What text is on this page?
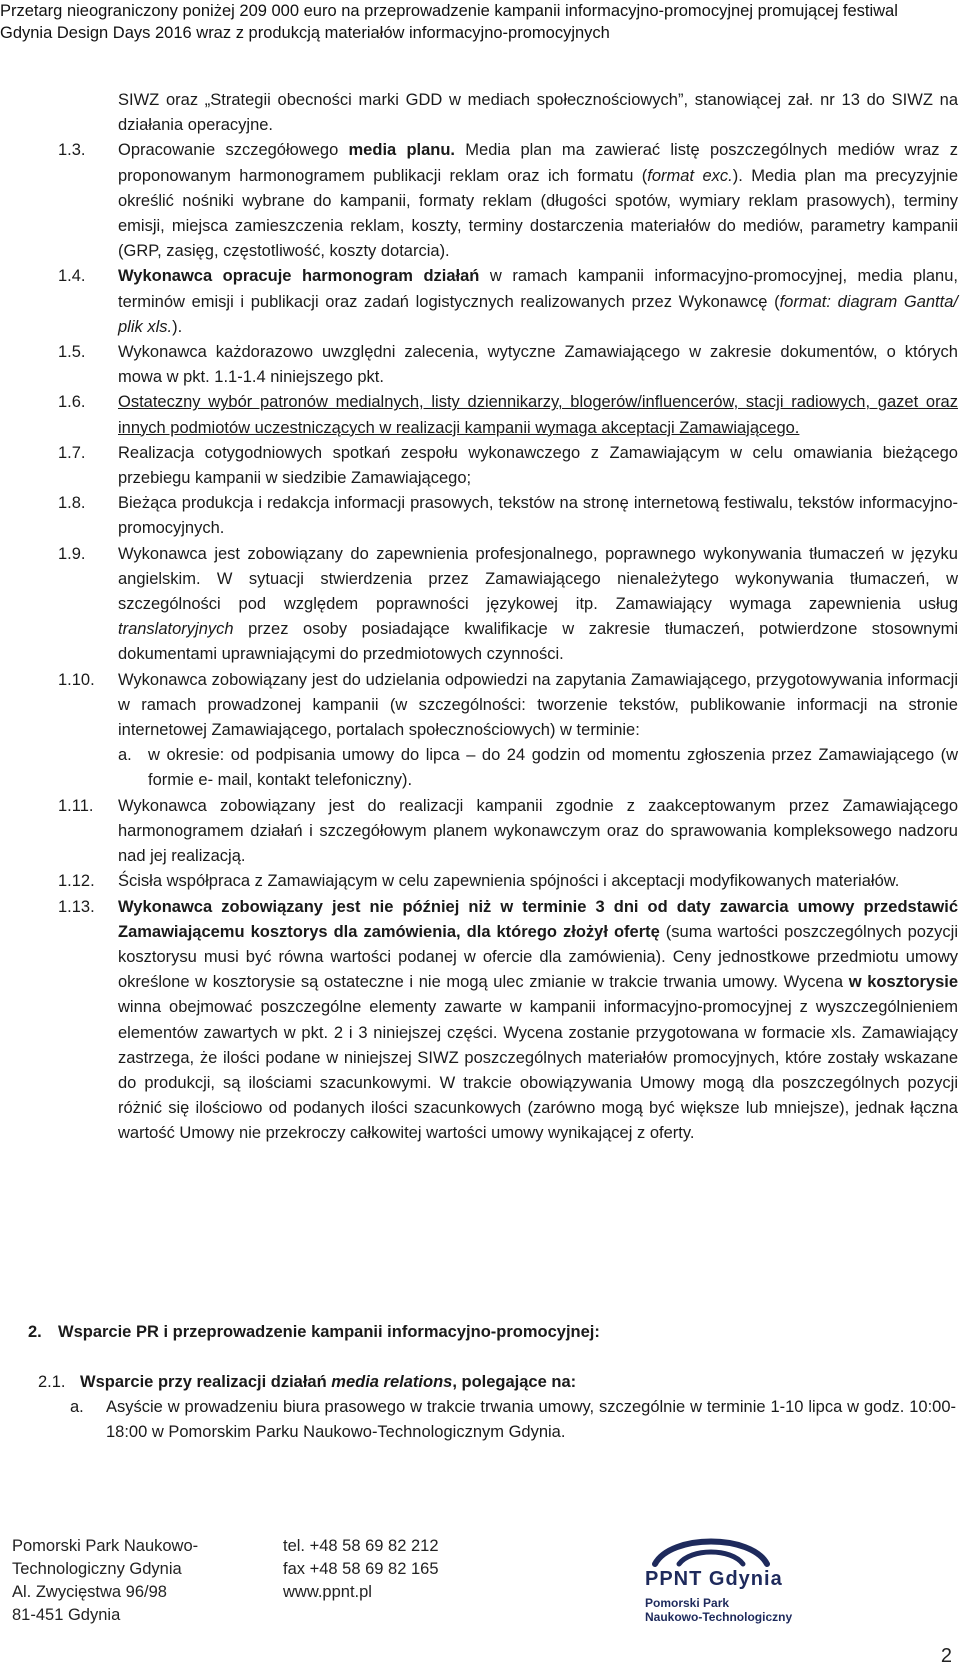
Przetarg nieograniczony poniżej 209 000 euro na przeprowadzenie kampanii informacyjno-promocyjnej promującej festiwal
Gdynia Design Days 2016 wraz z produkcją materiałów informacyjno-promocyjnych
SIWZ oraz „Strategii obecności marki GDD w mediach społecznościowych”, stanowiącej zał. nr 13 do SIWZ na działania operacyjne.
1.3.	Opracowanie szczegółowego media planu. Media plan ma zawierać listę poszczególnych mediów wraz z proponowanym harmonogramem publikacji reklam oraz ich formatu (format exc.). Media plan ma precyzyjnie określić nośniki wybrane do kampanii, formaty reklam (długości spotów, wymiary reklam prasowych), terminy emisji, miejsca zamieszczenia reklam, koszty, terminy dostarczenia materiałów do mediów, parametry kampanii (GRP, zasięg, częstotliwość, koszty dotarcia).
1.4.	Wykonawca opracuje harmonogram działań w ramach kampanii informacyjno-promocyjnej, media planu, terminów emisji i publikacji oraz zadań logistycznych realizowanych przez Wykonawcę (format: diagram Gantta/ plik xls.).
1.5.	Wykonawca każdorazowo uwzględni zalecenia, wytyczne Zamawiającego w zakresie dokumentów, o których mowa w pkt. 1.1-1.4 niniejszego pkt.
1.6.	Ostateczny wybór patronów medialnych, listy dziennikarzy, blogerów/influencerów, stacji radiowych, gazet oraz innych podmiotów uczestniczących w realizacji kampanii wymaga akceptacji Zamawiającego.
1.7.	Realizacja cotygodniowych spotkań zespołu wykonawczego z Zamawiającym w celu omawiania bieżącego przebiegu kampanii w siedzibie Zamawiającego;
1.8.	Bieżąca produkcja i redakcja informacji prasowych, tekstów na stronę internetową festiwalu, tekstów informacyjno-promocyjnych.
1.9.	Wykonawca jest zobowiązany do zapewnienia profesjonalnego, poprawnego wykonywania tłumaczeń w języku angielskim. W sytuacji stwierdzenia przez Zamawiającego nienależytego wykonywania tłumaczeń, w szczególności pod względem poprawności językowej itp. Zamawiający wymaga zapewnienia usług translatoryjnych przez osoby posiadające kwalifikacje w zakresie tłumaczeń, potwierdzone stosownymi dokumentami uprawniającymi do przedmiotowych czynności.
1.10.	Wykonawca zobowiązany jest do udzielania odpowiedzi na zapytania Zamawiającego, przygotowywania informacji w ramach prowadzonej kampanii (w szczególności: tworzenie tekstów, publikowanie informacji na stronie internetowej Zamawiającego, portalach społecznościowych) w terminie:
a. w okresie: od podpisania umowy do lipca – do 24 godzin od momentu zgłoszenia przez Zamawiającego (w formie e- mail, kontakt telefoniczny).
1.11.	Wykonawca zobowiązany jest do realizacji kampanii zgodnie z zaakceptowanym przez Zamawiającego harmonogramem działań i szczegółowym planem wykonawczym oraz do sprawowania kompleksowego nadzoru nad jej realizacją.
1.12.	Ścisła współpraca z Zamawiającym w celu zapewnienia spójności i akceptacji modyfikowanych materiałów.
1.13.	Wykonawca zobowiązany jest nie później niż w terminie 3 dni od daty zawarcia umowy przedstawić Zamawiającemu kosztorys dla zamówienia, dla którego złożył ofertę (suma wartości poszczególnych pozycji kosztorysu musi być równa wartości podanej w ofercie dla zamówienia). Ceny jednostkowe przedmiotu umowy określone w kosztorysie są ostateczne i nie mogą ulec zmianie w trakcie trwania umowy. Wycena w kosztorysie winna obejmować poszczególne elementy zawarte w kampanii informacyjno-promocyjnej z wyszczególnieniem elementów zawartych w pkt. 2 i 3 niniejszej części. Wycena zostanie przygotowana w formacie xls. Zamawiający zastrzega, że ilości podane w niniejszej SIWZ poszczególnych materiałów promocyjnych, które zostały wskazane do produkcji, są ilościami szacunkowymi. W trakcie obowiązywania Umowy mogą dla poszczególnych pozycji różnić się ilościowo od podanych ilości szacunkowych (zarówno mogą być większe lub mniejsze), jednak łączna wartość Umowy nie przekroczy całkowitej wartości umowy wynikającej z oferty.
2. Wsparcie PR i przeprowadzenie kampanii informacyjno-promocyjnej:
2.1. Wsparcie przy realizacji działań media relations, polegające na:
a. Asyście w prowadzeniu biura prasowego w trakcie trwania umowy, szczególnie w terminie 1-10 lipca w godz. 10:00-18:00 w Pomorskim Parku Naukowo-Technologicznym Gdynia.
Pomorski Park Naukowo-
Technologiczny Gdynia
Al. Zwycięstwa 96/98
81-451 Gdynia
tel. +48 58 69 82 212
fax +48 58 69 82 165
www.ppnt.pl
PPNT Gdynia
Pomorski Park
Naukowo-Technologiczny
2
